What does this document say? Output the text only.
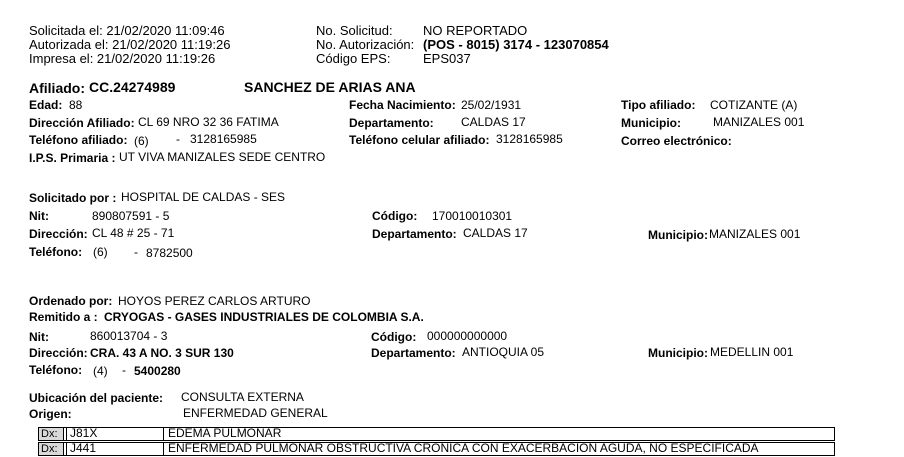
Solicitada el: 21/02/2020 11:09:46
Autorizada el: 21/02/2020 11:19:26
Impresa el: 21/02/2020 11:19:26
No. Solicitud: NO REPORTADO
No. Autorización: (POS - 8015) 3174 - 123070854
Código EPS:	EPS037
Afiliado: CC.24274989	SANCHEZ DE ARIAS ANA
Edad: 88	Fecha Nacimiento: 25/02/1931	Tipo afiliado: COTIZANTE (A)
Dirección Afiliado: CL 69 NRO 32 36 FATIMA	Departamento: CALDAS 17	Municipio:	MANIZALES 001
Teléfono afiliado: (6) - 3128165985	Teléfono celular afiliado: 3128165985	Correo electrónico:
I.P.S. Primaria : UT VIVA MANIZALES SEDE CENTRO
Solicitado por : HOSPITAL DE CALDAS - SES
Nit:	890807591 - 5	Código: 170010010301
Dirección: CL 48 # 25 - 71	Departamento: CALDAS 17	Municipio: MANIZALES 001
Teléfono: (6) - 8782500
Ordenado por: HOYOS PEREZ CARLOS ARTURO
Remitido a : CRYOGAS - GASES INDUSTRIALES DE COLOMBIA S.A.
Nit:	860013704 - 3	Código: 000000000000
Dirección: CRA. 43 A NO. 3 SUR 130	Departamento: ANTIOQUIA 05	Municipio: MEDELLIN 001
Teléfono: (4) - 5400280
Ubicación del paciente: CONSULTA EXTERNA
Origen:	ENFERMEDAD GENERAL
Dx:	J81X	EDEMA PULMONAR
Dx:	J441	ENFERMEDAD PULMONAR OBSTRUCTIVA CRONICA CON EXACERBACION AGUDA, NO ESPECIFICADA
